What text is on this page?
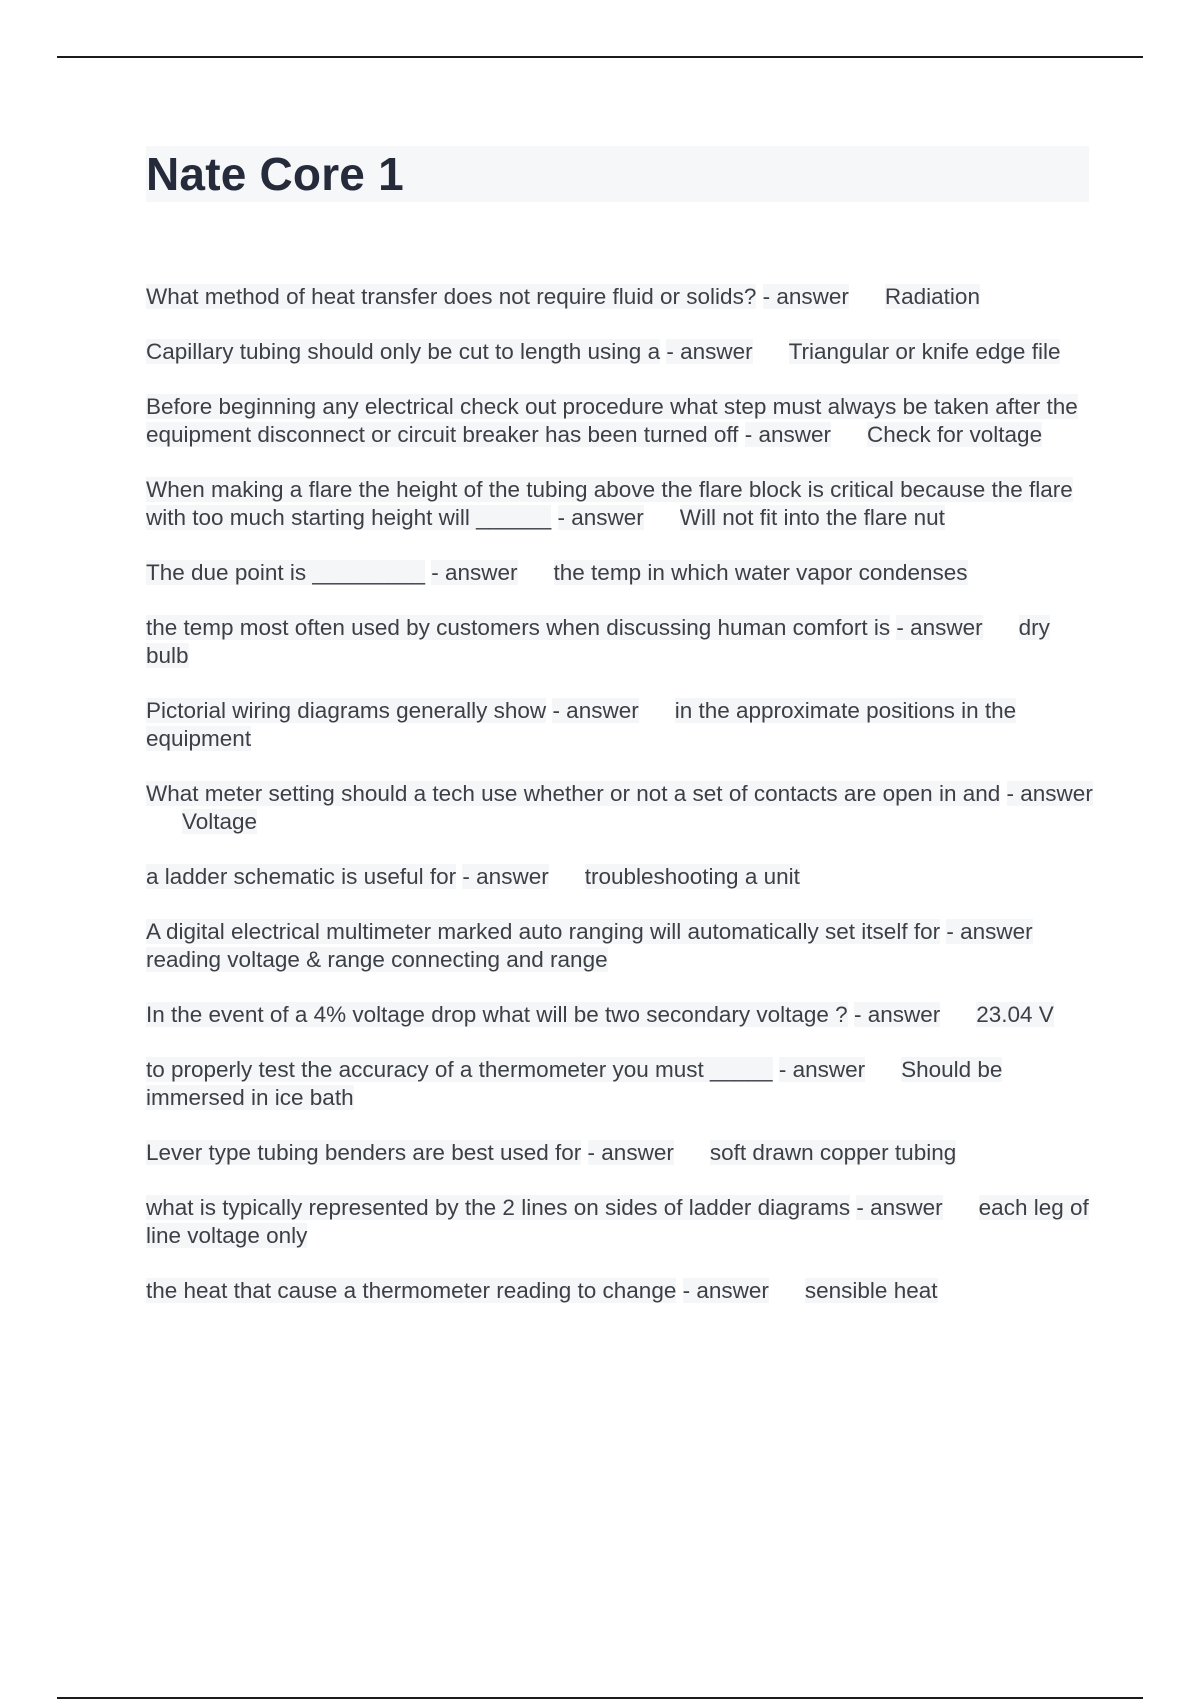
Nate Core 1
What method of heat transfer does not require fluid or solids? - answer Radiation
Capillary tubing should only be cut to length using a - answer Triangular or knife edge file
Before beginning any electrical check out procedure what step must always be taken after the equipment disconnect or circuit breaker has been turned off - answer Check for voltage
When making a flare the height of the tubing above the flare block is critical because the flare with too much starting height will ______ - answer Will not fit into the flare nut
The due point is _________ - answer the temp in which water vapor condenses
the temp most often used by customers when discussing human comfort is - answer dry bulb
Pictorial wiring diagrams generally show - answer in the approximate positions in the equipment
What meter setting should a tech use whether or not a set of contacts are open in and - answerVoltage
a ladder schematic is useful for - answer troubleshooting a unit
A digital electrical multimeter marked auto ranging will automatically set itself for - answerreading voltage & range connecting and range
In the event of a 4% voltage drop what will be two secondary voltage ? - answer 23.04 V
to properly test the accuracy of a thermometer you must _____ - answer Should be immersed in ice bath
Lever type tubing benders are best used for - answer soft drawn copper tubing
what is typically represented by the 2 lines on sides of ladder diagrams - answer each leg of line voltage only
the heat that cause a thermometer reading to change - answer sensible heat
